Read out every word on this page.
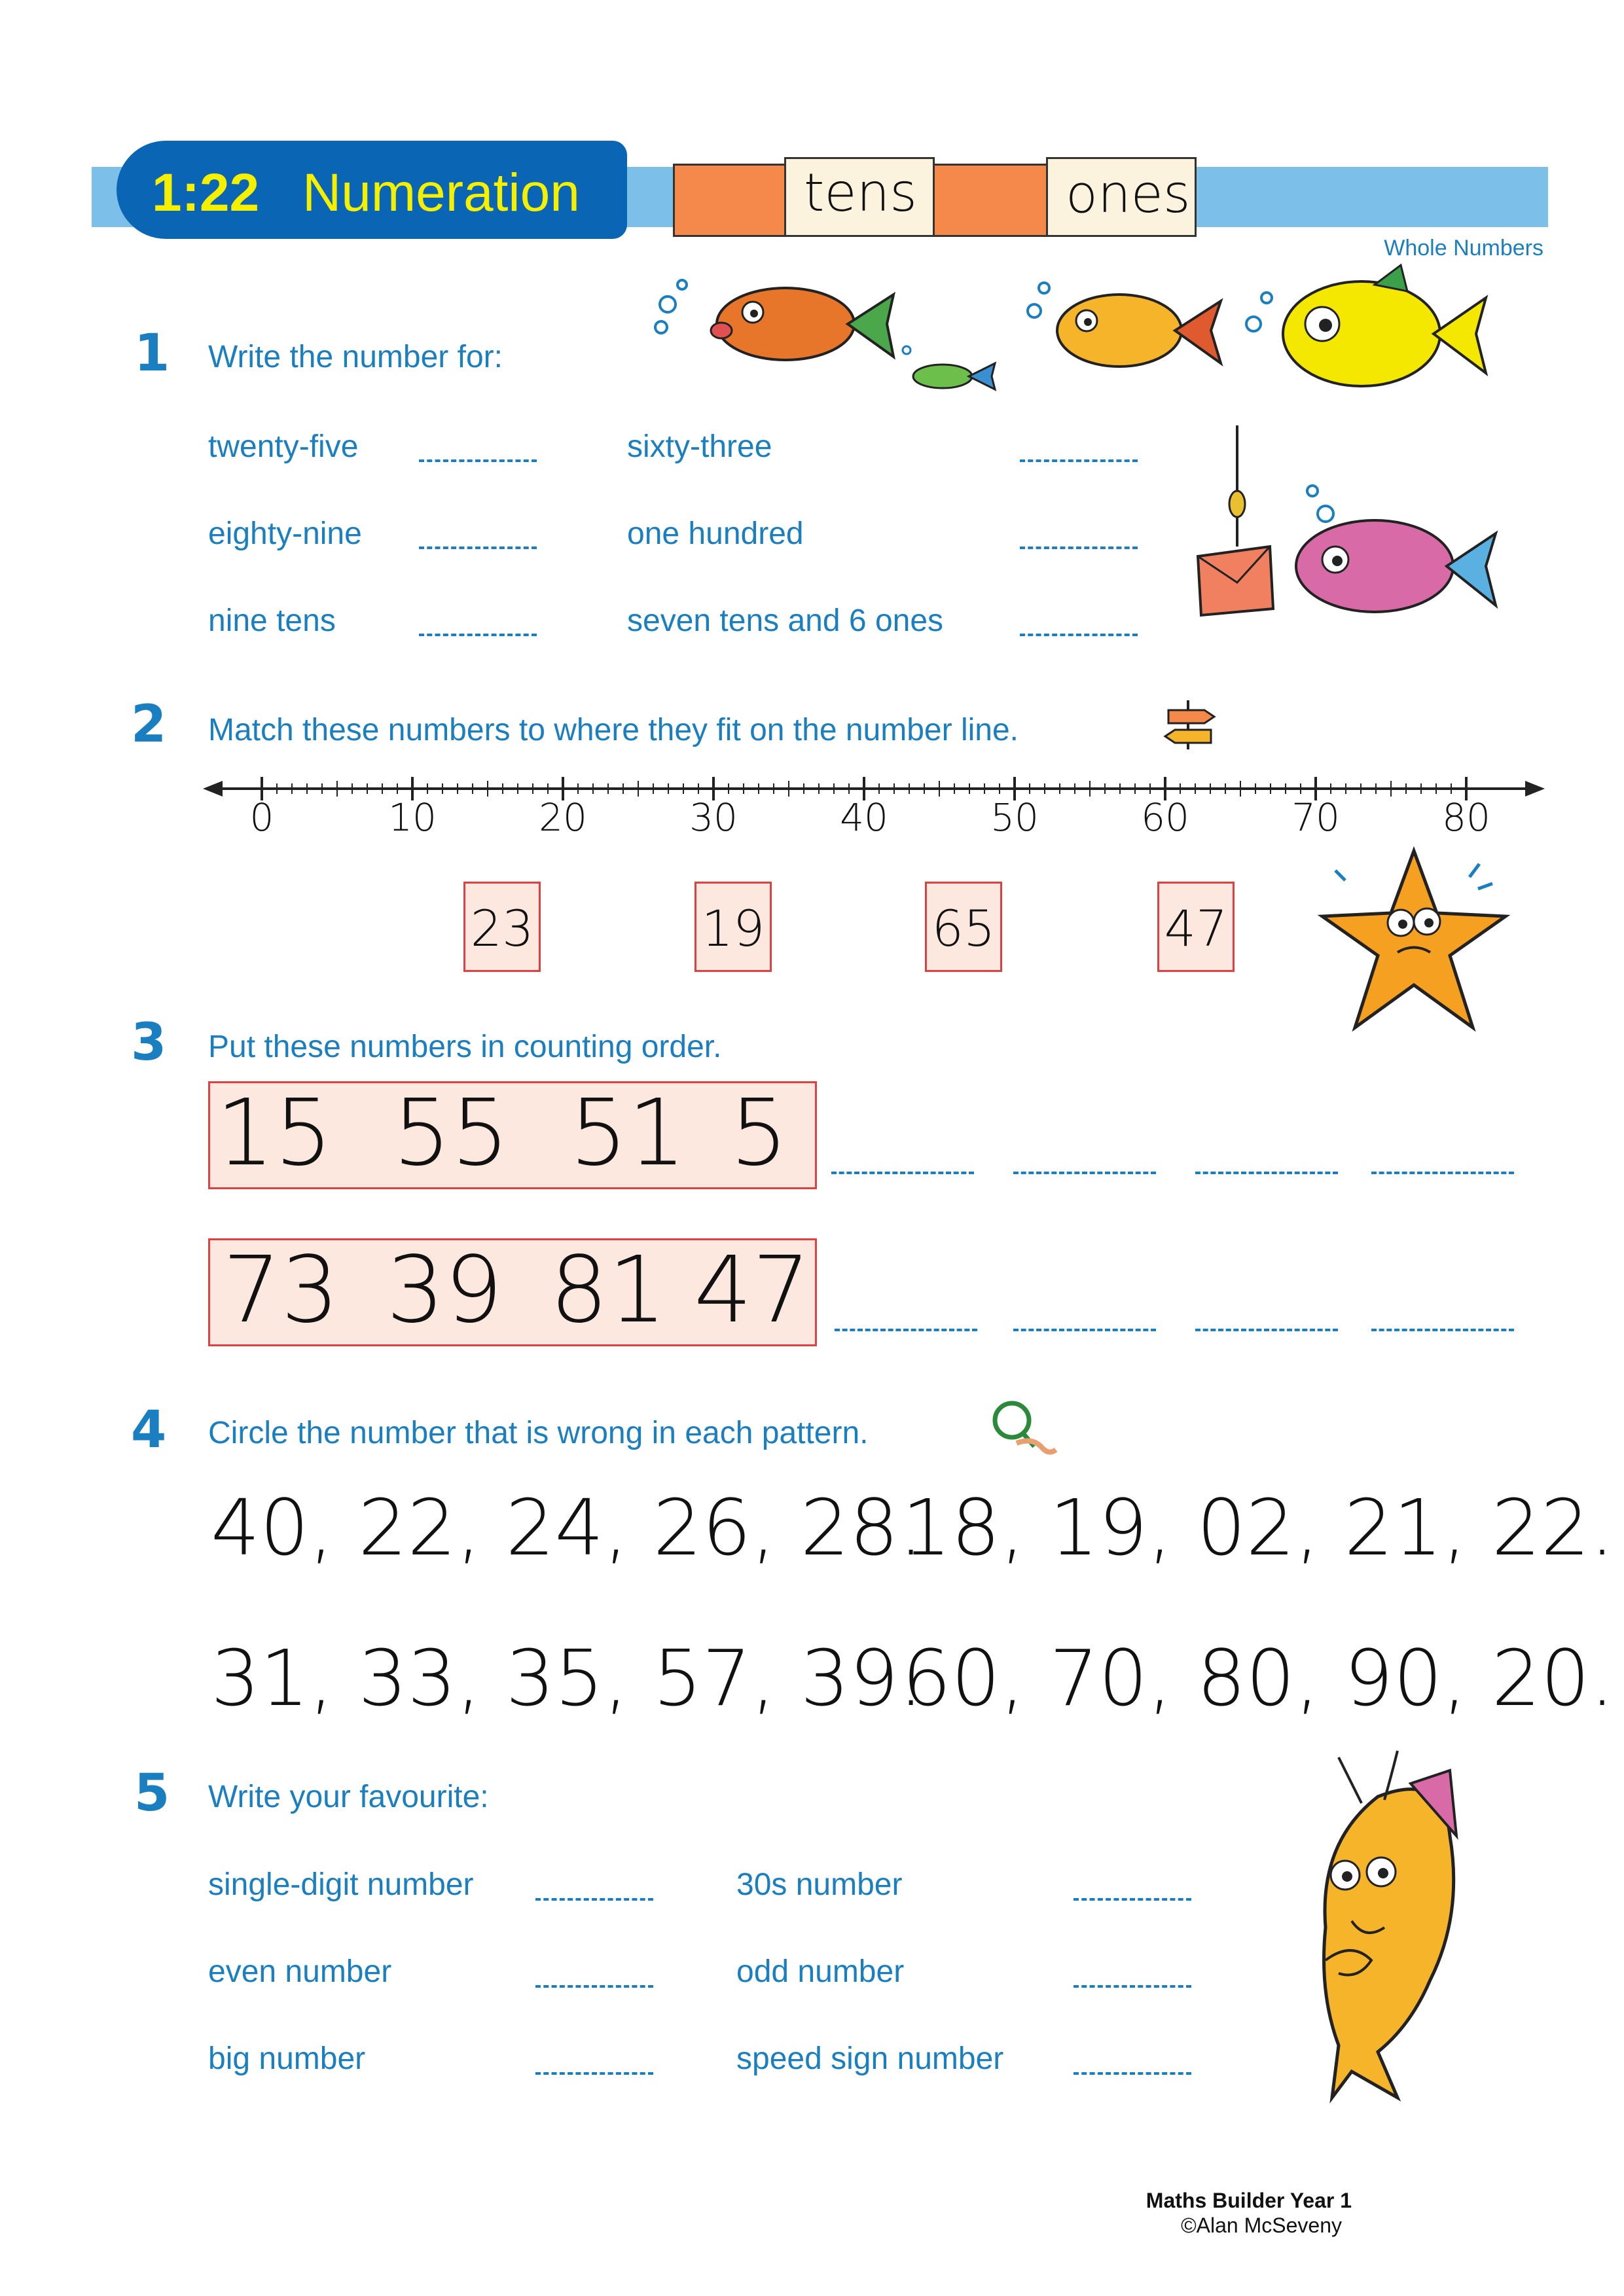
1:22 Numeration	tens	ones
Whole Numbers
1 Write the number for:
twenty-five	sixty-three
eighty-nine	one hundred
nine tens	seven tens and 6 ones
2 Match these numbers to where they fit on the number line.
0	10	20	30	40	50	60	70	80
23	19	65	47
3 Put these numbers in counting order.
15 55 51 5
73 39 81 47
4 Circle the number that is wrong in each pattern.
40, 22, 24, 26, 28.
18, 19, 02, 21, 22.
31, 33, 35, 57, 39.
60, 70, 80, 90, 20.
5 Write your favourite:
single-digit number	30s number
even number	odd number
big number	speed sign number
Maths Builder Year 1
©Alan McSeveny
